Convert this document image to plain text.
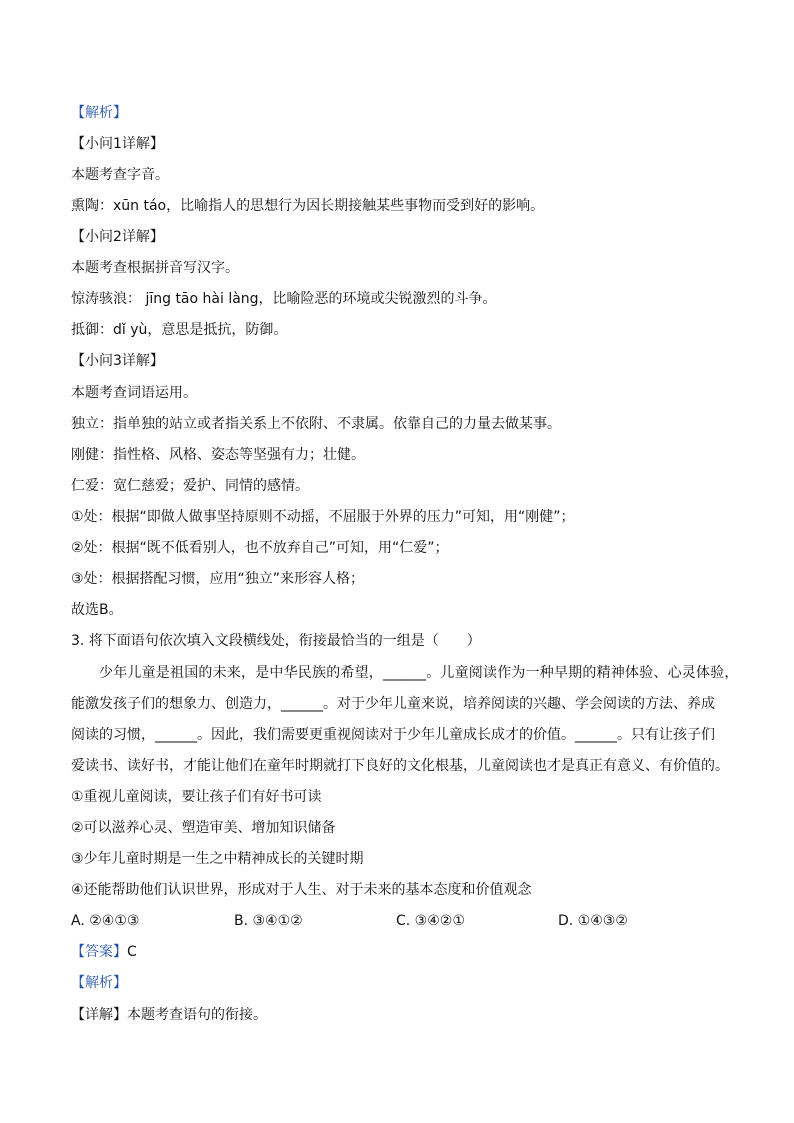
【解析】
【小问1详解】
本题考查字音。
熏陶：xūn táo，比喻指人的思想行为因长期接触某些事物而受到好的影响。
【小问2详解】
本题考查根据拼音写汉字。
惊涛骇浪： jīng tāo hài làng，比喻险恶的环境或尖锐激烈的斗争。
抵御：dǐ yù，意思是抵抗，防御。
【小问3详解】
本题考查词语运用。
独立：指单独的站立或者指关系上不依附、不隶属。依靠自己的力量去做某事。
刚健：指性格、风格、姿态等坚强有力；壮健。
仁爱：宽仁慈爱；爱护、同情的感情。
①处：根据“即做人做事坚持原则不动摇，不屈服于外界的压力”可知，用“刚健”；
②处：根据“既不低看别人，也不放弃自己”可知，用“仁爱”；
③处：根据搭配习惯，应用“独立”来形容人格；
故选B。
3. 将下面语句依次填入文段横线处，衔接最恰当的一组是（　　）
少年儿童是祖国的未来，是中华民族的希望，______。儿童阅读作为一种早期的精神体验、心灵体验，
能激发孩子们的想象力、创造力，______。对于少年儿童来说，培养阅读的兴趣、学会阅读的方法、养成
阅读的习惯，______。因此，我们需要更重视阅读对于少年儿童成长成才的价值。______。只有让孩子们
爱读书、读好书，才能让他们在童年时期就打下良好的文化根基，儿童阅读也才是真正有意义、有价值的。
①重视儿童阅读，要让孩子们有好书可读
②可以滋养心灵、塑造审美、增加知识储备
③少年儿童时期是一生之中精神成长的关键时期
④还能帮助他们认识世界，形成对于人生、对于未来的基本态度和价值观念
A. ②④①③	B. ③④①②	C. ③④②①	D. ①④③②
【答案】C
【解析】
【详解】本题考查语句的衔接。
